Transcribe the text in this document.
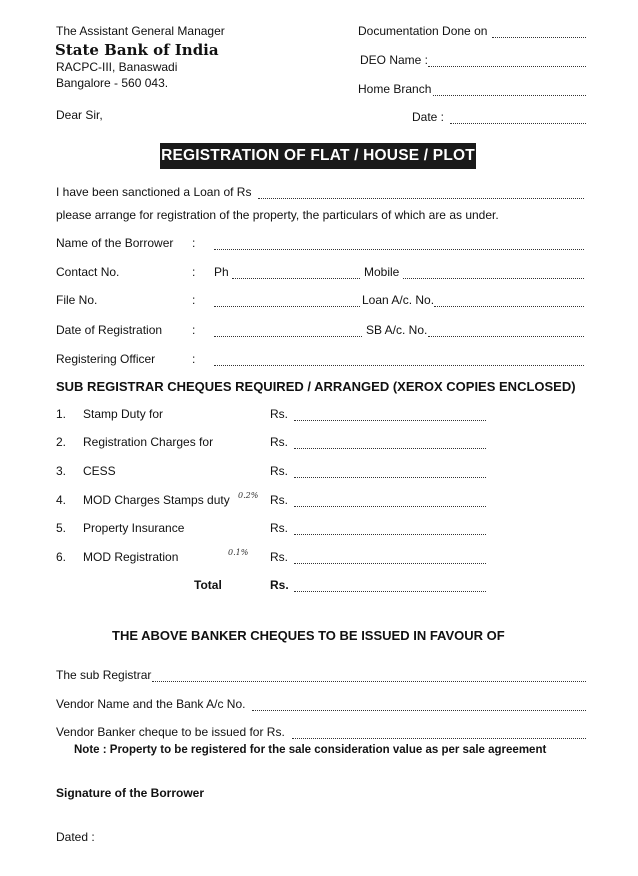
The Assistant General Manager
State Bank of India
RACPC-III, Banaswadi
Bangalore - 560 043.
Dear Sir,
Documentation Done on
DEO Name :
Home Branch
Date :
REGISTRATION OF FLAT / HOUSE / PLOT
I have been sanctioned a Loan of Rs
please arrange for registration of the property, the particulars of which are as under.
Name of the Borrower :
Contact No.	: Ph	Mobile
File No.	:	Loan A/c. No.
Date of Registration :	SB A/c. No.
Registering Officer	:
SUB REGISTRAR CHEQUES REQUIRED / ARRANGED (XEROX COPIES ENCLOSED)
1. Stamp Duty for	Rs.
2. Registration Charges for	Rs.
3. CESS	Rs.
4. MOD Charges Stamps duty 0.2% Rs.
5. Property Insurance	Rs.
6. MOD Registration	0.1% Rs.
Total	Rs.
THE ABOVE BANKER CHEQUES TO BE ISSUED IN FAVOUR OF
The sub Registrar
Vendor Name and the Bank A/c No.
Vendor Banker cheque to be issued for Rs.
Note : Property to be registered for the sale consideration value as per sale agreement
Signature of the Borrower
Dated :
